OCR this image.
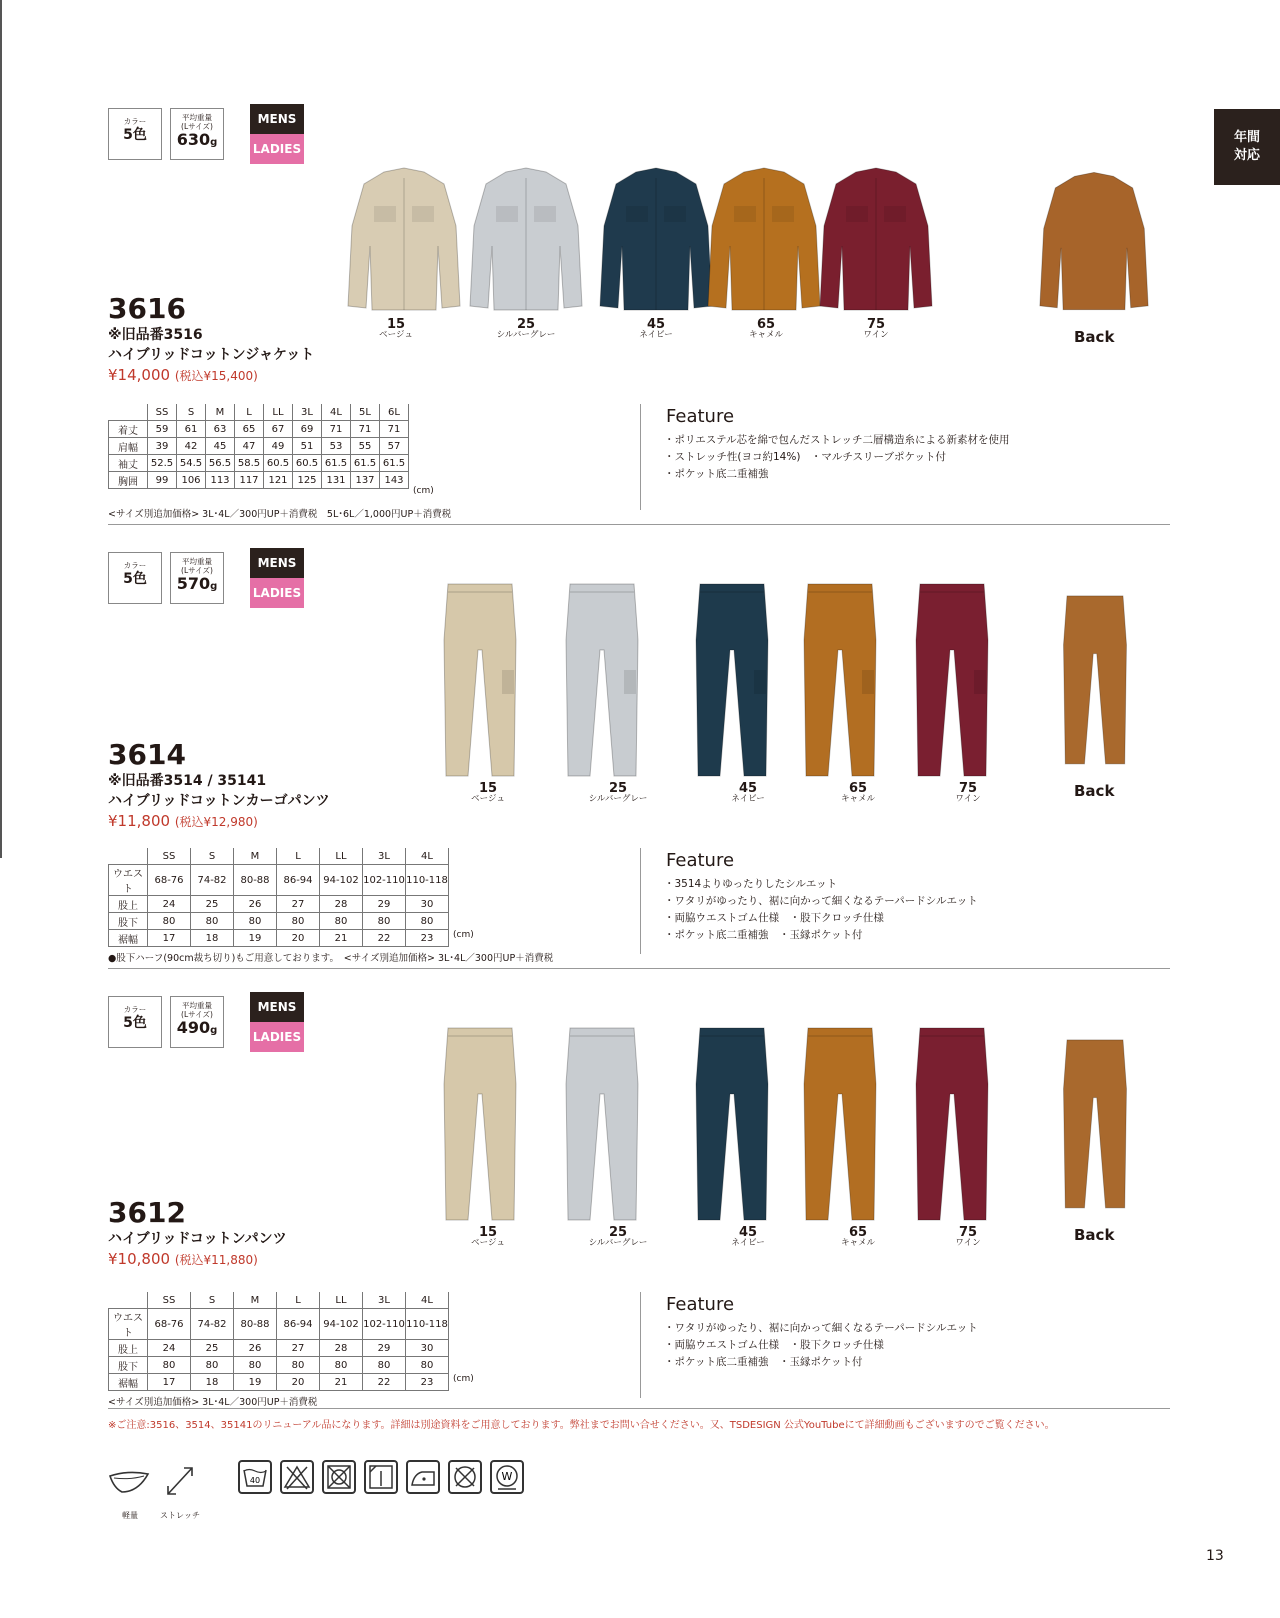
年間
対応
カラー
5色
平均重量
(Lサイズ)
630g
MENS
LADIES
3616
※旧品番3516
ハイブリッドコットンジャケット
¥14,000 (税込¥15,400)
15
ベージュ
25
シルバーグレー
45
ネイビー
65
キャメル
75
ワイン	Back
	SS	S	M	L	LL	3L	4L	5L	6L
着丈	59	61	63	65	67	69	71	71	71
肩幅	39	42	45	47	49	51	53	55	57
袖丈	52.5	54.5	56.5	58.5	60.5	60.5	61.5	61.5	61.5
胸囲	99	106	113	117	121	125	131	137	143
(cm)
<サイズ別追加価格> 3L･4L／300円UP＋消費税　5L･6L／1,000円UP＋消費税
Feature
・ポリエステル芯を綿で包んだストレッチ二層構造糸による新素材を使用
・ストレッチ性(ヨコ約14%)　・マルチスリーブポケット付
・ポケット底二重補強
カラー
5色
平均重量
(Lサイズ)
570g
MENS
LADIES
3614
※旧品番3514 / 35141
ハイブリッドコットンカーゴパンツ
¥11,800 (税込¥12,980)
15
ベージュ
25
シルバーグレー
45
ネイビー
65
キャメル
75
ワイン	Back
	SS	S	M	L	LL	3L	4L
ウエスト	68-76	74-82	80-88	86-94	94-102	102-110	110-118
股上	24	25	26	27	28	29	30
股下	80	80	80	80	80	80	80
裾幅	17	18	19	20	21	22	23 (cm)
●股下ハーフ(90cm裁ち切り)もご用意しております。　<サイズ別追加価格> 3L･4L／300円UP＋消費税
Feature
・3514よりゆったりしたシルエット
・ワタリがゆったり、裾に向かって細くなるテーパードシルエット
・両脇ウエストゴム仕様　・股下クロッチ仕様
・ポケット底二重補強　・玉縁ポケット付
カラー
5色
平均重量
(Lサイズ)
490g
MENS
LADIES
3612
ハイブリッドコットンパンツ
¥10,800 (税込¥11,880)
15
ベージュ
25
シルバーグレー
45
ネイビー
65
キャメル
75
ワイン	Back
	SS	S	M	L	LL	3L	4L
ウエスト	68-76	74-82	80-88	86-94	94-102	102-110	110-118
股上	24	25	26	27	28	29	30
股下	80	80	80	80	80	80	80
裾幅	17	18	19	20	21	22	23 (cm)
<サイズ別追加価格> 3L･4L／300円UP＋消費税
Feature
・ワタリがゆったり、裾に向かって細くなるテーパードシルエット
・両脇ウエストゴム仕様　・股下クロッチ仕様
・ポケット底二重補強　・玉縁ポケット付
※ご注意:3516、3514、35141のリニューアル品になります。詳細は別途資料をご用意しております。弊社までお問い合せください。又、TSDESIGN 公式YouTubeにて詳細動画もございますのでご覧ください。
軽量	ストレッチ
40	W
13
